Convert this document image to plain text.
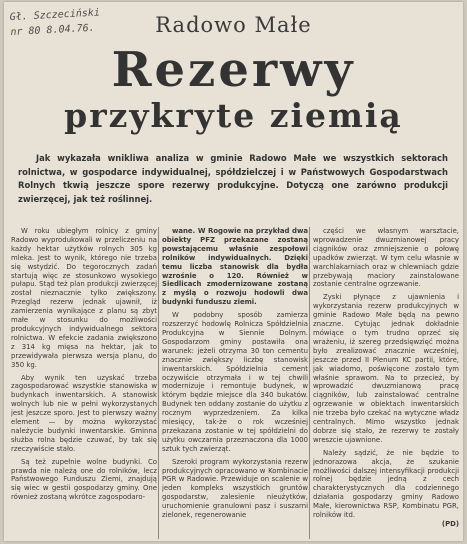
Gł. Szczeciński
nr 80 8.04.76.	Radowo Małe
Rezerwy
przykryte ziemią
Jak wykazała wnikliwa analiza w gminie Radowo Małe we wszystkich sektorach rolnictwa, w gospodarce indywidualnej, spółdzielczej i w Państwowych Gospodarstwach Rolnych tkwią jeszcze spore rezerwy produkcyjne. Dotyczą one zarówno produkcji zwierzęcej, jak też roślinnej.

W roku ubiegłym rolnicy z gminy Radowo wyprodukowali w przeliczeniu na każdy hektar użytków rolnych 305 kg mleka. Jest to wynik, którego nie trzeba się wstydzić. Do tegorocznych zadań startują więc ze stosunkowo wysokiego pułapu. Stąd też plan produkcji zwierzęcej został nieznacznie tylko zwiększony. Przegląd rezerw jednak ujawnił, iż zamierzenia wynikające z planu są zbyt małe w stosunku do możliwości produkcyjnych indywidualnego sektora rolnictwa. W efekcie zadania zwiększono z 314 kg mięsa na hektar, jak to przewidywała pierwsza wersja planu, do 350 kg.

Aby wynik ten uzyskać trzeba zagospodarować wszystkie stanowiska w budynkach inwentarskich. A stanowisk wolnych lub nie w pełni wykorzystanych jest jeszcze sporo. Jest to pierwszy ważny element — by można wykorzystać należycie budynki inwentarskie. Gminna służba rolna będzie czuwać, by tak się rzeczywiście stało.

Są też zupełnie wolne budynki. Co prawda nie należą one do rolników, lecz Państwowego Funduszu Ziemi, znajdują się wiec w gestii gospodarzy gminy. One również zostaną wkrótce zagospodaro-

wane. W Rogowie na przykład dwa obiekty PFZ przekazane zostaną powstającemu właśnie zespołowi rolników indywidualnych. Dzięki temu liczba stanowisk dla bydła wzrośnie o 120. Również w Siedlicach zmodernizowane zostaną z myślą o rozwoju hodowli dwa budynki funduszu ziemi.

W podobny sposób zamierza rozszerzyć hodowlę Rolnicza Spółdzielnia Produkcyjna w Siennie Dolnym. Gospodarzom gminy postawiła ona warunek: jeżeli otrzyma 30 ton cementu znacznie zwiększy liczbę stanowisk inwentarskich. Spółdzielnia cement oczywiście otrzymała i w tej chwili modernizuje i remontuje budynek, w którym będzie miejsce dla 340 bukatów. Budynek ten oddany zostanie do użytku z rocznym wyprzedzeniem. Za kilka miesięcy, tak-że o rok wcześniej przekazana zostanie w tej spółdzielni do użytku owczarnia przeznaczona dla 1000 sztuk tych zwierząt.

Szeroki program wykorzystania rezerw produkcyjnych opracowano w Kombinacie PGR w Radowie. Przewiduje on scalenie w jeden kompleks wszystkich gruntów gospodarstw, zalesienie nieużytków, uruchomienie granulowni pasz i suszarni zielonek, regenerowanie

części we własnym warsztacie, wprowadzenie dwuzmianowej pracy ciągników oraz zmniejszenie o połowę upadków zwierząt. W tym celu własnie w warchlakarniach oraz w chlewniach gdzie przebywają maciory zainstalowane zostanie centralne ogrzewanie.

Zyski płynące z ujawnienia i wykorzystania rezerw produkcyjnych w gminie Radowo Małe będą na pewno znaczne. Cytując jednak dokładnie mówiące o tym trudno oprzeć się wrażeniu, iż szereg przedsięwzięć można było zrealizować znacznie wcześniej, jeszcze przed II Plenum KC partii, które, jak wiadomo, poświęcone zostało tym właśnie sprawom. Na to przecież, by wprowadzić dwuzmianową pracę ciągników, lub zainstalować centralne ogrzewanie w obiektach inwentarskich nie trzeba było czekać na wytyczne władz centralnych. Mimo wszystko jednak dobrze się stało, że rezerwy te zostały wreszcie ujawnione.

Należy sądzić, że nie będzie to jednorazowa akcja, że szukanie możliwości dalszej intensyfikacji produkcji rolnej będzie jedną z cech charakterystycznych dla codziennego działania gospodarzy gminy Radowo Małe, kierownictwa RSP, Kombinatu PGR, rolników itd.

(PD)
